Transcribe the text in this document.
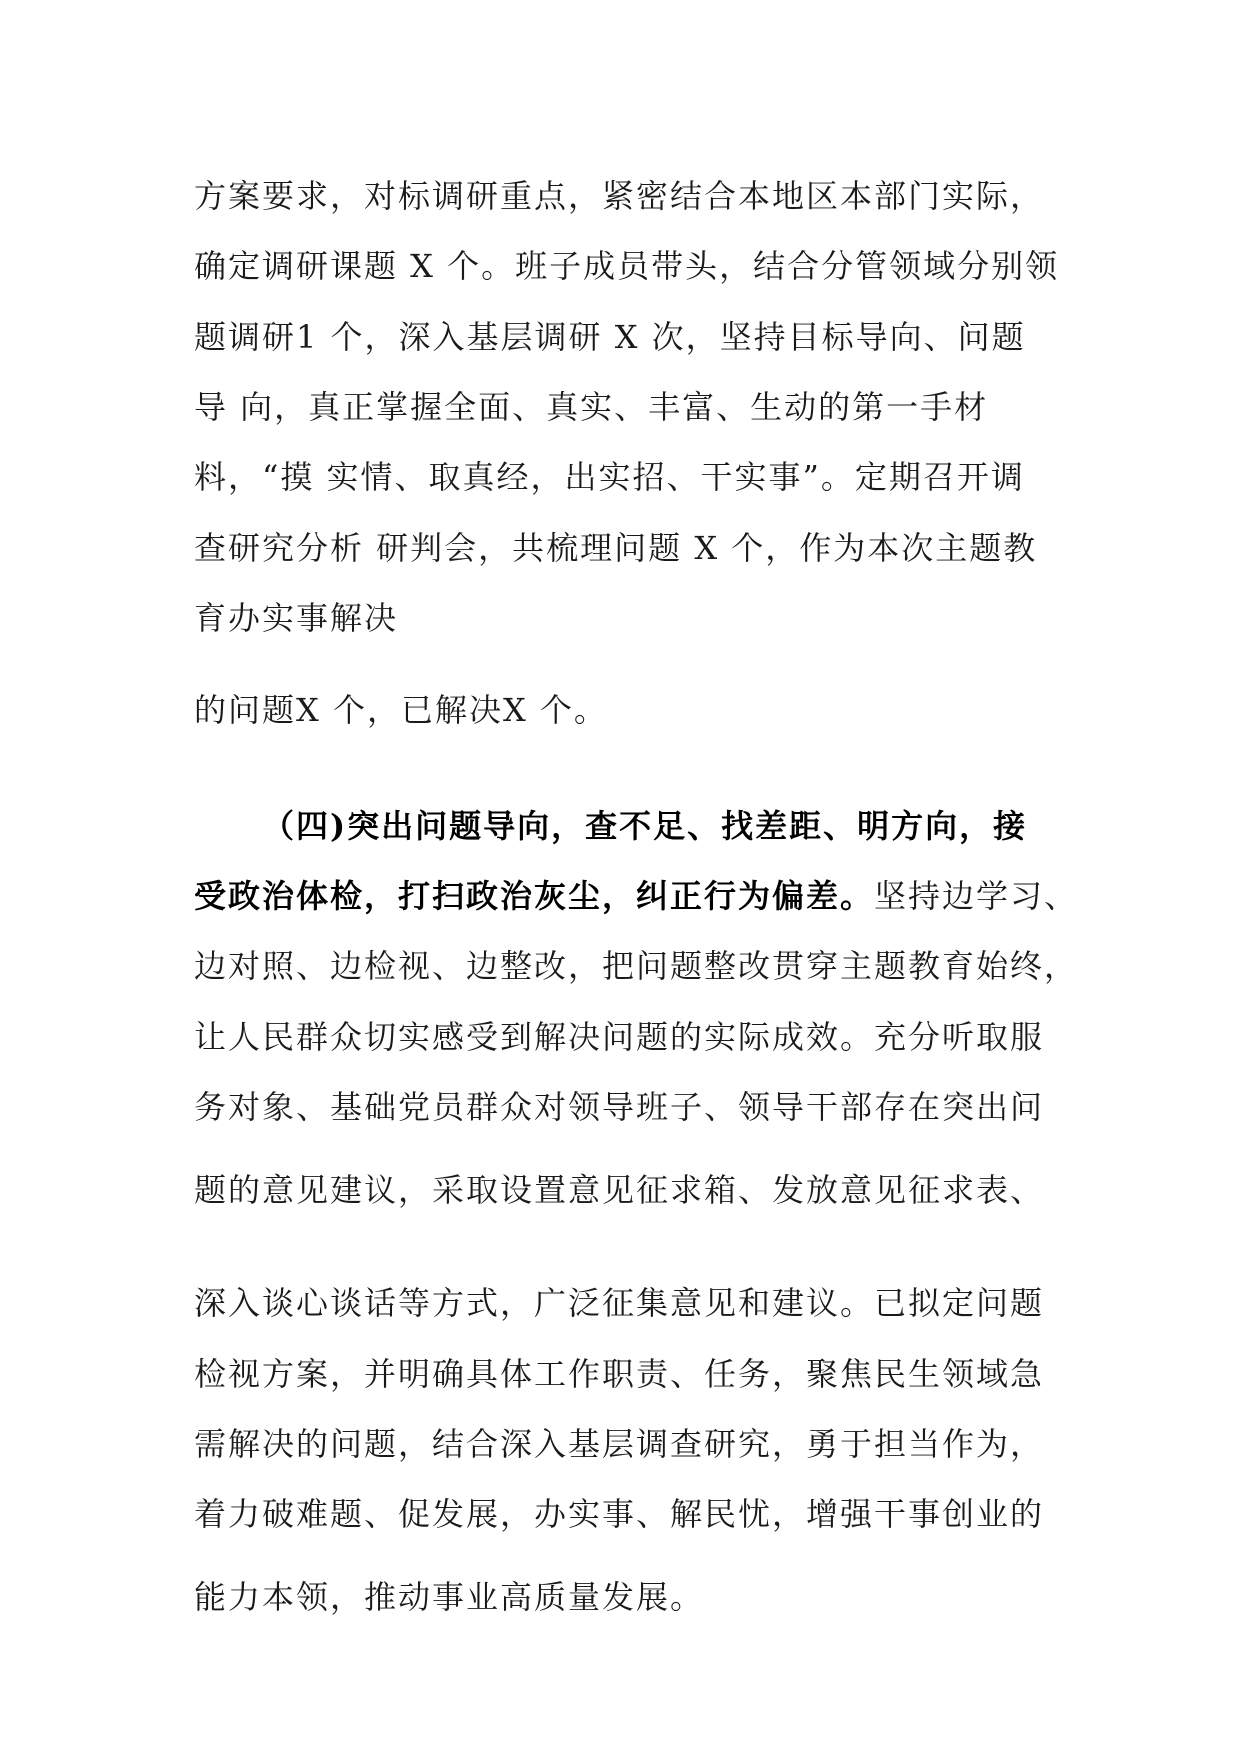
方案要求，对标调研重点，紧密结合本地区本部门实际，
确定调研课题 X 个。班子成员带头，结合分管领域分别领
题调研1 个，深入基层调研 X 次，坚持目标导向、问题
导 向，真正掌握全面、真实、丰富、生动的第一手材
料，“摸 实情、取真经，出实招、干实事”。定期召开调
查研究分析 研判会，共梳理问题 X 个，作为本次主题教
育办实事解决
的问题X 个，已解决X 个。
（四)突出问题导向，查不足、找差距、明方向，接
受政治体检，打扫政治灰尘，纠正行为偏差。坚持边学习、
边对照、边检视、边整改，把问题整改贯穿主题教育始终，
让人民群众切实感受到解决问题的实际成效。充分听取服
务对象、基础党员群众对领导班子、领导干部存在突出问
题的意见建议，采取设置意见征求箱、发放意见征求表、
深入谈心谈话等方式，广泛征集意见和建议。已拟定问题
检视方案，并明确具体工作职责、任务，聚焦民生领域急
需解决的问题，结合深入基层调查研究，勇于担当作为，
着力破难题、促发展，办实事、解民忧，增强干事创业的
能力本领，推动事业高质量发展。
